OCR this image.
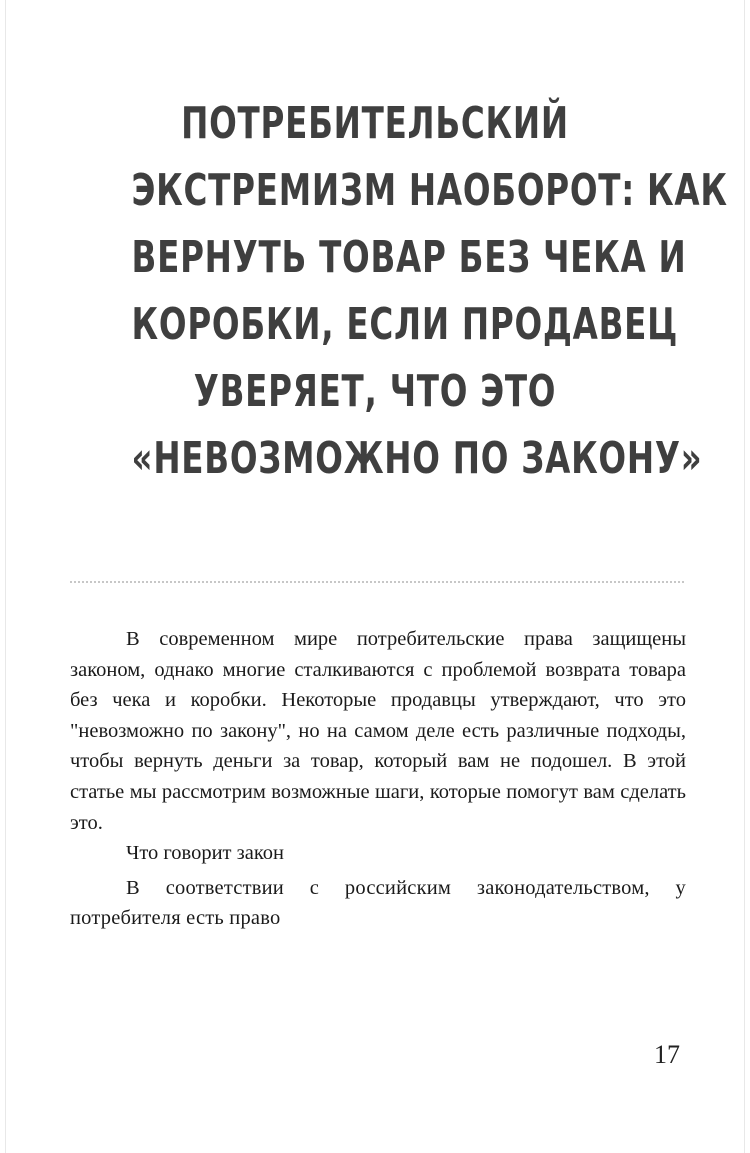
ПОТРЕБИТЕЛЬСКИЙ
ЭКСТРЕМИЗМ НАОБОРОТ: КАК
ВЕРНУТЬ ТОВАР БЕЗ ЧЕКА И
КОРОБКИ, ЕСЛИ ПРОДАВЕЦ
УВЕРЯЕТ, ЧТО ЭТО
«НЕВОЗМОЖНО ПО ЗАКОНУ»

В современном мире потребительские права защищены законом, однако многие сталкиваются с проблемой возврата товара без чека и коробки. Некоторые продавцы утверждают, что это "невозможно по закону", но на самом деле есть различные подходы, чтобы вернуть деньги за товар, который вам не подошел. В этой статье мы рассмотрим возможные шаги, которые помогут вам сделать это.

Что говорит закон

В соответствии с российским законодательством, у потребителя есть право

17
